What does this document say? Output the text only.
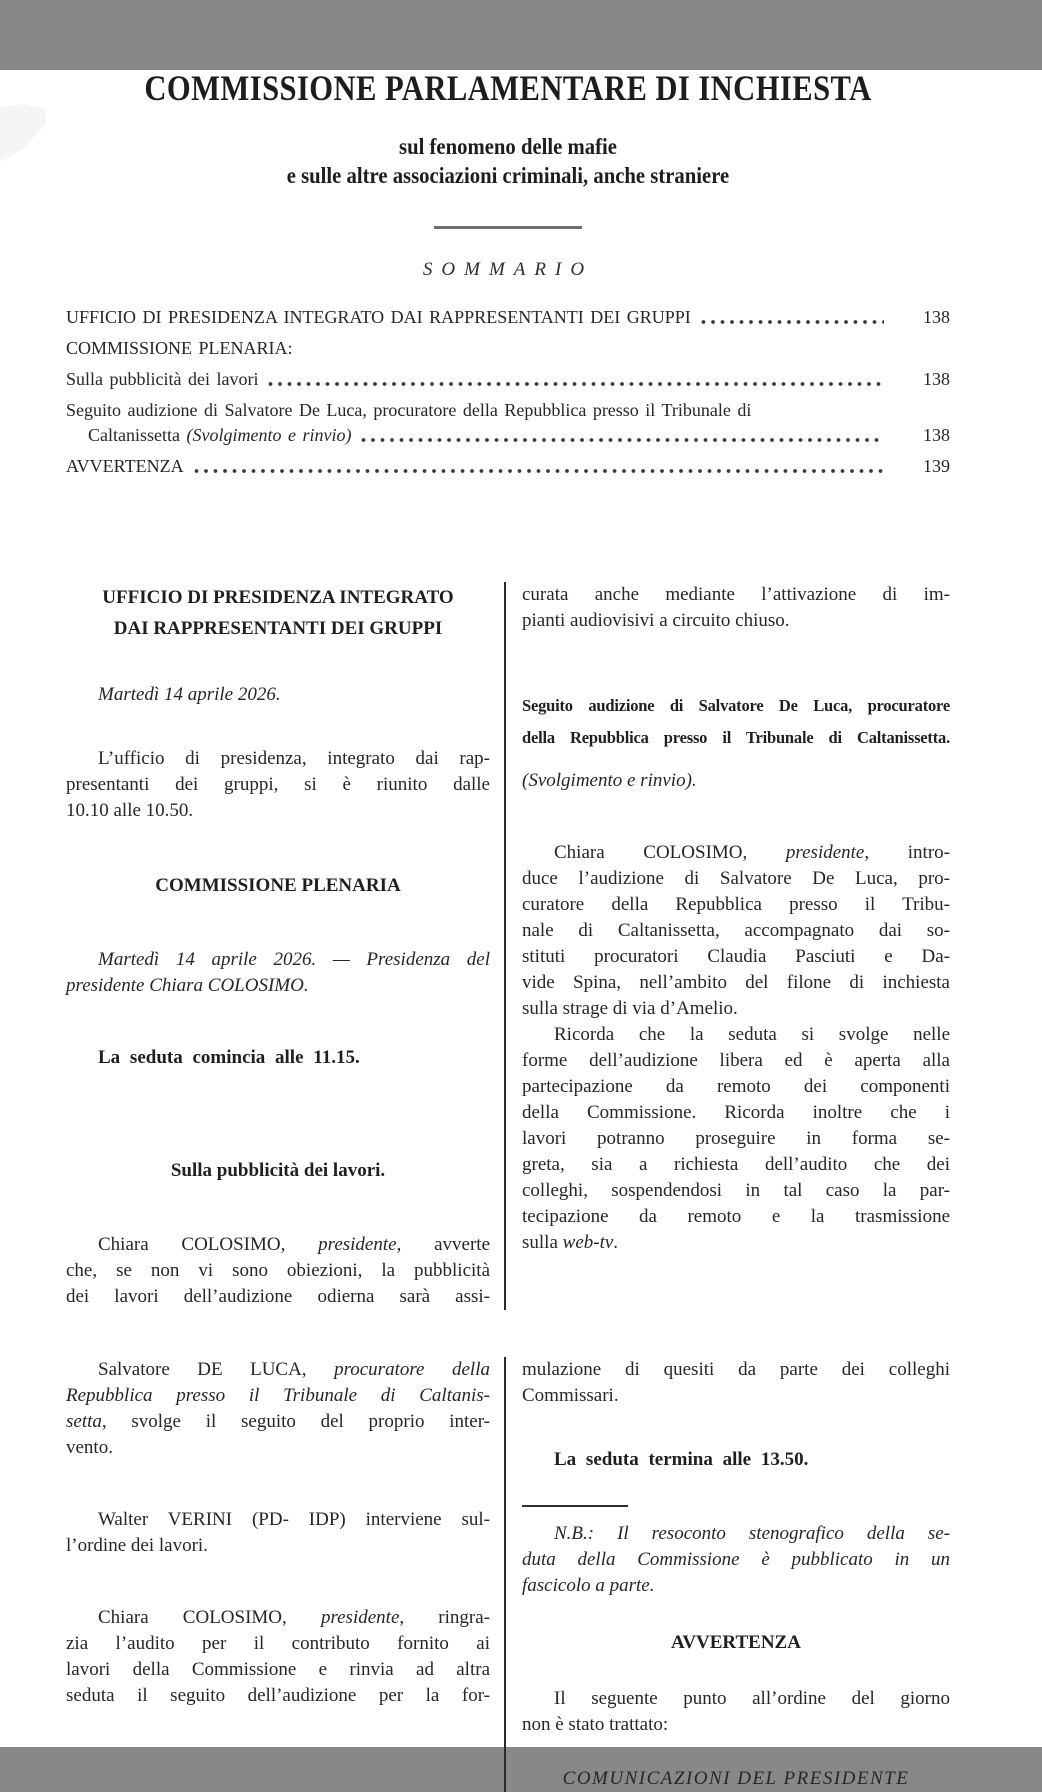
COMMISSIONE PARLAMENTARE DI INCHIESTA
sul fenomeno delle mafie
e sulle altre associazioni criminali, anche straniere
SOMMARIO
UFFICIO DI PRESIDENZA INTEGRATO DAI RAPPRESENTANTI DEI GRUPPI	138
COMMISSIONE PLENARIA:
Sulla pubblicità dei lavori	138
Seguito audizione di Salvatore De Luca, procuratore della Repubblica presso il Tribunale di
Caltanissetta (Svolgimento e rinvio)	138
AVVERTENZA	139
UFFICIO DI PRESIDENZA INTEGRATO
DAI RAPPRESENTANTI DEI GRUPPI
Martedì 14 aprile 2026.
L’ufficio di presidenza, integrato dai rap-
presentanti dei gruppi, si è riunito dalle
10.10 alle 10.50.
COMMISSIONE PLENARIA
Martedì 14 aprile 2026. — Presidenza del
presidente Chiara COLOSIMO.
La seduta comincia alle 11.15.
Sulla pubblicità dei lavori.
Chiara COLOSIMO, presidente, avverte
che, se non vi sono obiezioni, la pubblicità
dei lavori dell’audizione odierna sarà assi-
curata anche mediante l’attivazione di im-
pianti audiovisivi a circuito chiuso.
Seguito audizione di Salvatore De Luca, procuratore
della Repubblica presso il Tribunale di Caltanissetta.
(Svolgimento e rinvio).
Chiara COLOSIMO, presidente, intro-
duce l’audizione di Salvatore De Luca, pro-
curatore della Repubblica presso il Tribu-
nale di Caltanissetta, accompagnato dai so-
stituti procuratori Claudia Pasciuti e Da-
vide Spina, nell’ambito del filone di inchiesta
sulla strage di via d’Amelio.
Ricorda che la seduta si svolge nelle
forme dell’audizione libera ed è aperta alla
partecipazione da remoto dei componenti
della Commissione. Ricorda inoltre che i
lavori potranno proseguire in forma se-
greta, sia a richiesta dell’audito che dei
colleghi, sospendendosi in tal caso la par-
tecipazione da remoto e la trasmissione
sulla web-tv.
Salvatore DE LUCA, procuratore della
Repubblica presso il Tribunale di Caltanis-
setta, svolge il seguito del proprio inter-
vento.
Walter VERINI (PD- IDP) interviene sul-
l’ordine dei lavori.
Chiara COLOSIMO, presidente, ringra-
zia l’audito per il contributo fornito ai
lavori della Commissione e rinvia ad altra
seduta il seguito dell’audizione per la for-
mulazione di quesiti da parte dei colleghi
Commissari.
La seduta termina alle 13.50.
N.B.: Il resoconto stenografico della se-
duta della Commissione è pubblicato in un
fascicolo a parte.
AVVERTENZA
Il seguente punto all’ordine del giorno
non è stato trattato:
COMUNICAZIONI DEL PRESIDENTE
